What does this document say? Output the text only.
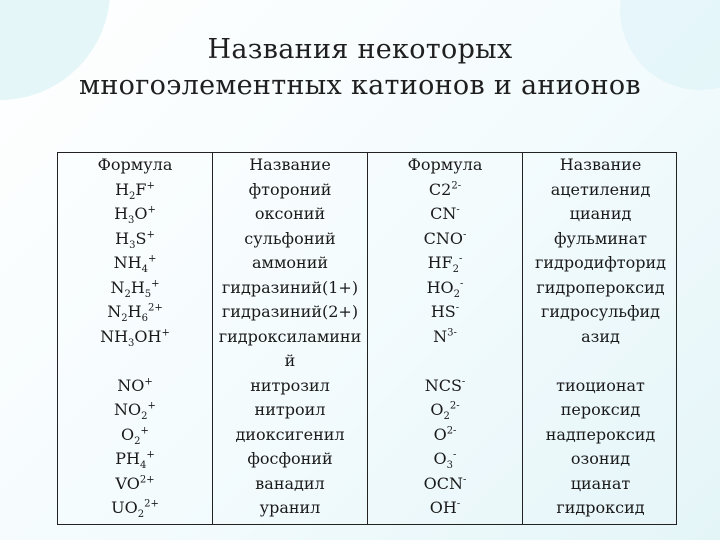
Названия некоторых
многоэлементных катионов и анионов
Формула
$H_2F^+$
$H_3O^+$
$H_3S^+$
$NH_4^+$
$N_2H_5^+$
$N_2H_6^{2+}$
$NH_3OH^+$
NO+
$NO_2^+$
$O_2^+$
$PH_4^+$
$VO^{2+}$
$UO_2^{2+}$
Название
фтороний
оксоний
сульфоний
аммоний
гидразиний(1+)
гидразиний(2+)
гидроксиламини
й
нитрозил
нитроил
диоксигенил
фосфоний
ванадил
уранил
Формула
$C2^{2-}$
CN-
CNO-
$HF_2^-$
$HO_2^-$
HS-
$N^{3-}$
NCS-
$O_2^{2-}$
$O^{2-}$
$O_3^-$
OCN-
OH-
Название
ацетиленид
цианид
фульминат
гидродифторид
гидропероксид
гидросульфид
азид
тиоционат
пероксид
надпероксид
озонид
цианат
гидроксид
